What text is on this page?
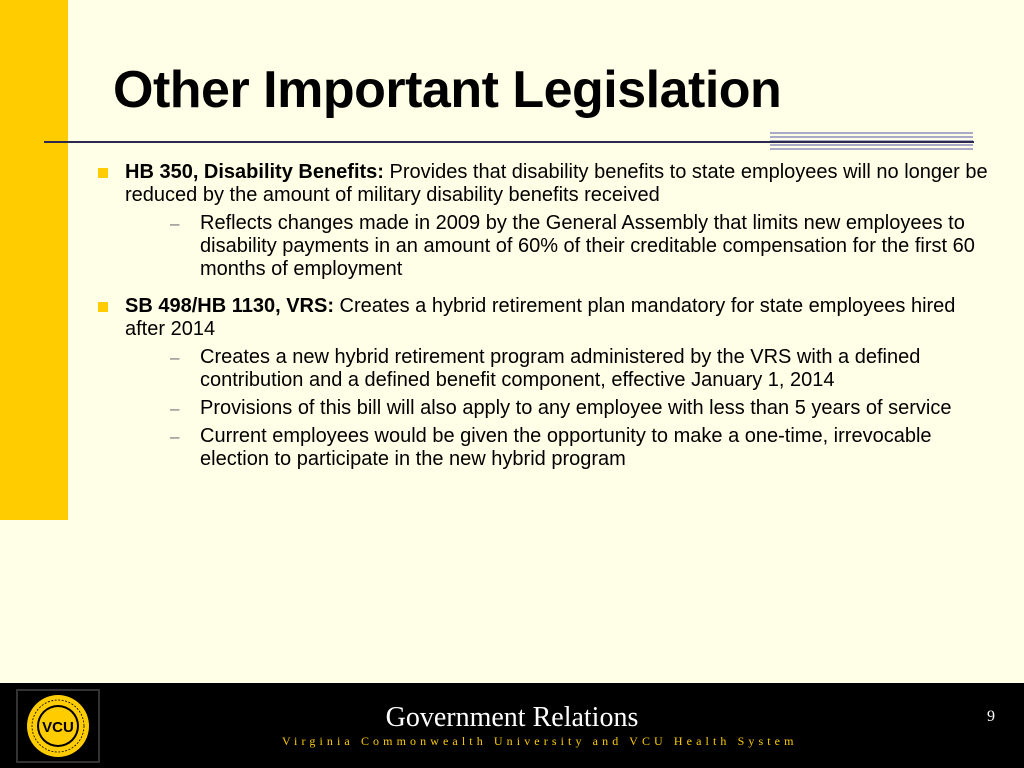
Other Important Legislation
HB 350, Disability Benefits: Provides that disability benefits to state employees will no longer be reduced by the amount of military disability benefits received
– Reflects changes made in 2009 by the General Assembly that limits new employees to disability payments in an amount of 60% of their creditable compensation for the first 60 months of employment
SB 498/HB 1130, VRS: Creates a hybrid retirement plan mandatory for state employees hired after 2014
– Creates a new hybrid retirement program administered by the VRS with a defined contribution and a defined benefit component, effective January 1, 2014
– Provisions of this bill will also apply to any employee with less than 5 years of service
– Current employees would be given the opportunity to make a one-time, irrevocable election to participate in the new hybrid program
VCU	Government Relations
Virginia Commonwealth University and VCU Health System
9
